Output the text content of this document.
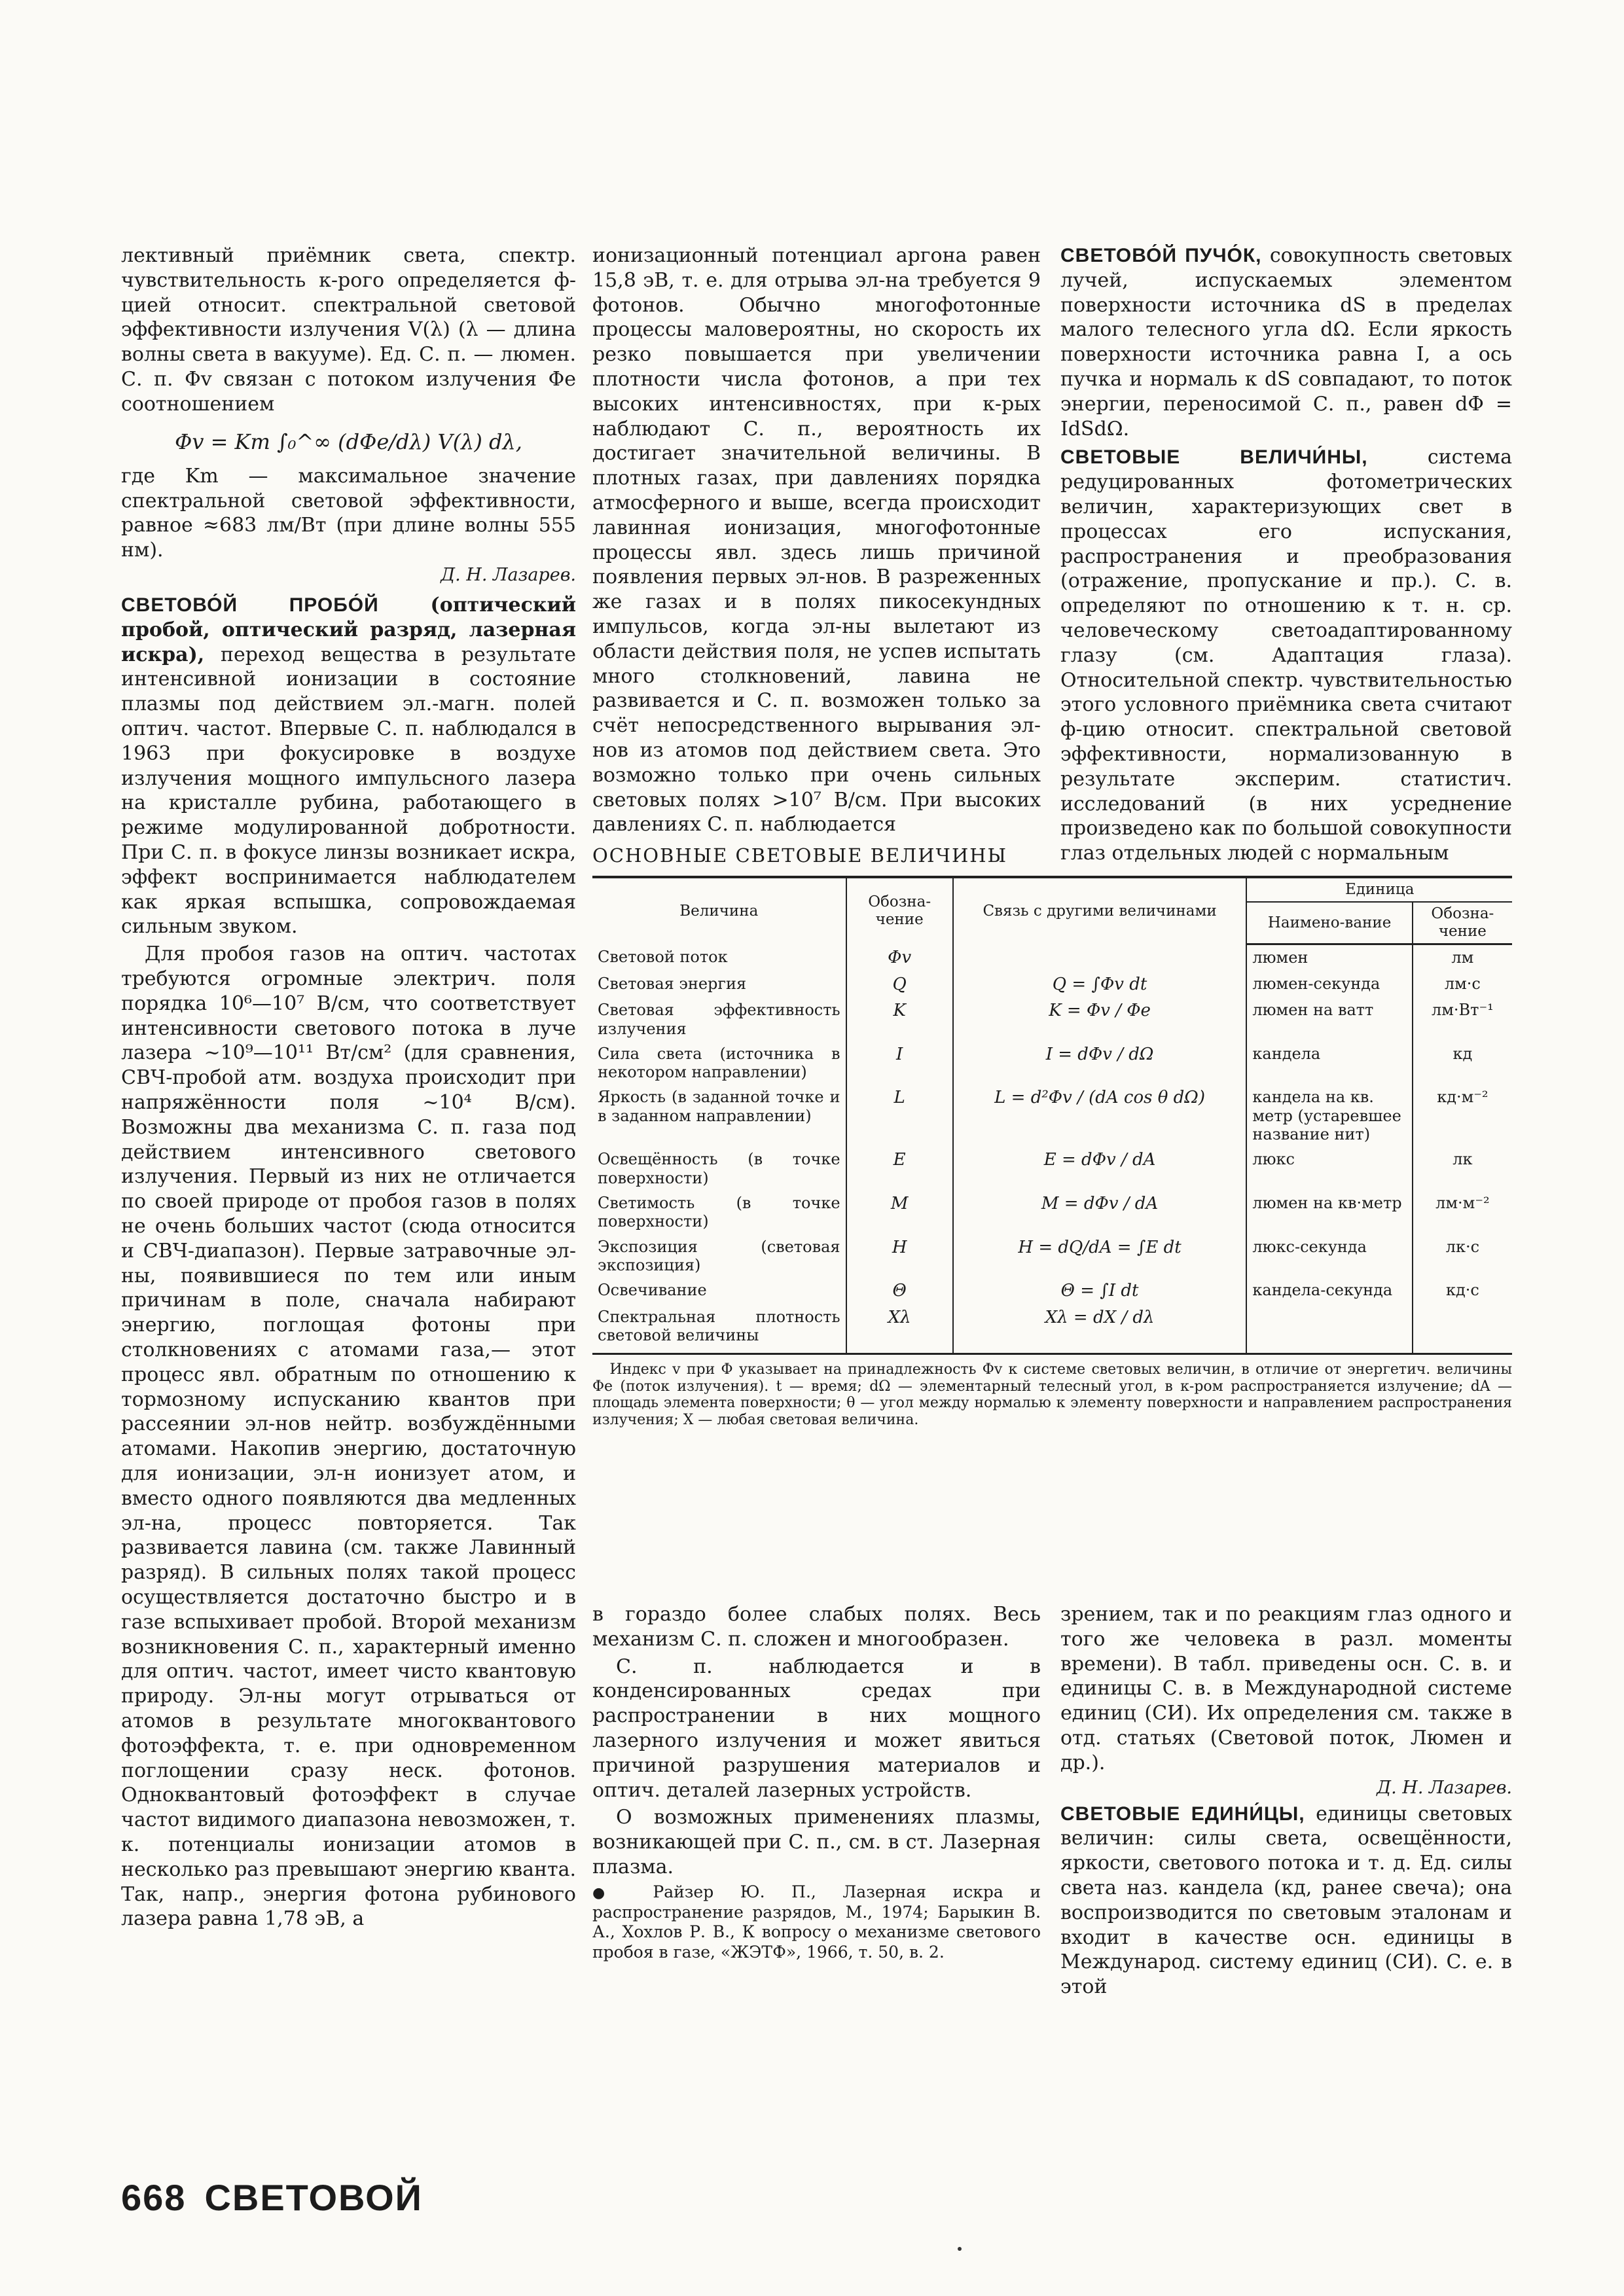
лективный приёмник света, спектр. чувствительность к-рого определяется ф-цией относит. спектральной световой эффективности излучения V(λ) (λ — длина волны света в вакууме). Ед. С. п. — люмен. С. п. Φv связан с потоком излучения Φe соотношением

Φv = Km ∫₀^∞ (dΦe/dλ) V(λ) dλ,

где Km — максимальное значение спектральной световой эффективности, равное ≈683 лм/Вт (при длине волны 555 нм).

Д. Н. Лазарев.

СВЕТОВО́Й ПРОБО́Й	(оптический пробой, оптический разряд, лазерная искра), переход вещества в результате интенсивной ионизации в состояние плазмы под действием эл.-магн. полей оптич. частот. Впервые С. п. наблюдался в 1963 при фокусировке в воздухе излучения мощного импульсного лазера на кристалле рубина, работающего в режиме модулированной добротности. При С. п. в фокусе линзы возникает искра, эффект воспринимается наблюдателем как яркая вспышка, сопровождаемая сильным звуком.

Для пробоя газов на оптич. частотах требуются огромные электрич. поля порядка 10⁶—10⁷ В/см, что соответствует интенсивности светового потока в луче лазера ~10⁹—10¹¹ Вт/см² (для сравнения, СВЧ-пробой атм. воздуха происходит при напряжённости поля ~10⁴ В/см). Возможны два механизма С. п. газа под действием интенсивного светового излучения. Первый из них не отличается по своей природе от пробоя газов в полях не очень больших частот (сюда относится и СВЧ-диапазон). Первые затравочные эл-ны, появившиеся по тем или иным причинам в поле, сначала набирают энергию, поглощая фотоны при столкновениях с атомами газа,— этот процесс явл. обратным по отношению к тормозному испусканию квантов при рассеянии эл-нов нейтр. возбуждёнными атомами. Накопив энергию, достаточную для ионизации, эл-н ионизует атом, и вместо одного появляются два медленных эл-на, процесс повторяется. Так развивается лавина (см. также Лавинный разряд). В сильных полях такой процесс осуществляется достаточно быстро и в газе вспыхивает пробой. Второй механизм возникновения С. п., характерный именно для оптич. частот, имеет чисто квантовую природу. Эл-ны могут отрываться от атомов в результате многоквантового фотоэффекта, т. е. при одновременном поглощении сразу неск. фотонов. Одноквантовый фотоэффект в случае частот видимого диапазона невозможен, т. к. потенциалы ионизации атомов в несколько раз превышают энергию кванта. Так, напр., энергия фотона рубинового лазера равна 1,78 эВ, а

ионизационный потенциал аргона равен 15,8 эВ, т. е. для отрыва эл-на требуется 9 фотонов. Обычно многофотонные процессы маловероятны, но скорость их резко повышается при увеличении плотности числа фотонов, а при тех высоких интенсивностях, при к-рых наблюдают С. п., вероятность их достигает значительной величины. В плотных газах, при давлениях порядка атмосферного и выше, всегда происходит лавинная ионизация, многофотонные процессы явл. здесь лишь причиной появления первых эл-нов. В разреженных же газах и в полях пикосекундных импульсов, когда эл-ны вылетают из области действия поля, не успев испытать много столкновений, лавина не развивается и С. п. возможен только за счёт непосредственного вырывания эл-нов из атомов под действием света. Это возможно только при очень сильных световых полях >10⁷ В/см. При высоких давлениях С. п. наблюдается

СВЕТОВО́Й ПУЧО́К, совокупность световых лучей, испускаемых элементом поверхности источника dS в пределах малого телесного угла dΩ. Если яркость поверхности источника равна I, а ось пучка и нормаль к dS совпадают, то поток энергии, переносимой С. п., равен dΦ = IdSdΩ.

СВЕТОВЫЕ ВЕЛИЧИ́НЫ,	система редуцированных фотометрических величин, характеризующих свет в процессах его испускания, распространения и преобразования (отражение, пропускание и пр.). С. в. определяют по отношению к т. н. ср. человеческому светоадаптированному глазу (см. Адаптация глаза). Относительной спектр. чувствительностью этого условного приёмника света считают ф-цию относит. спектральной световой эффективности, нормализованную в результате эксперим. статистич. исследований (в них усреднение произведено как по большой совокупности глаз отдельных людей с нормальным

ОСНОВНЫЕ СВЕТОВЫЕ ВЕЛИЧИНЫ
Величина	Обозна-чение	Связь с другими величинами	Единица	
			Наимено-вание	Обозна-чение
Световой поток	Φv		люмен	лм
Световая энергия	Q	Q = ∫Φv dt	люмен-секунда	лм·с
Световая эффективность излучения	K	K = Φv / Φe	люмен на ватт	лм·Вт⁻¹
Сила света (источника в некотором направлении)	I	I = dΦv / dΩ	кандела	кд
Яркость (в заданной точке и в заданном направлении)	L	L = d²Φv / (dA cos θ dΩ)	кандела на кв. метр (устаревшее название нит)	кд·м⁻²
Освещённость (в точке поверхности)	E	E = dΦv / dA	люкс	лк
Светимость (в точке поверхности)	M	M = dΦv / dA	люмен на кв·метр	лм·м⁻²
Экспозиция (световая экспозиция)	H	H = dQ/dA = ∫E dt	люкс-секунда	лк·с
Освечивание	Θ	Θ = ∫I dt	кандела-секунда	кд·с
Спектральная плотность световой величины	Xλ	Xλ = dX / dλ		
Индекс v при Φ указывает на принадлежность Φv к системе световых величин, в отличие от энергетич. величины Φe (поток излучения). t — время; dΩ — элементарный телесный угол, в к-ром распространяется излучение; dA — площадь элемента поверхности; θ — угол между нормалью к элементу поверхности и направлением распространения излучения; X — любая световая величина.

в гораздо более слабых полях. Весь механизм С. п. сложен и многообразен.

С. п. наблюдается и в конденсированных средах при распространении в них мощного лазерного излучения и может явиться причиной разрушения материалов и оптич. деталей лазерных устройств.

О возможных применениях плазмы, возникающей при С. п., см. в ст. Лазерная плазма.

● Райзер Ю. П., Лазерная искра и распространение разрядов, М., 1974; Барыкин В. А., Хохлов Р. В., К вопросу о механизме светового пробоя в газе, «ЖЭТФ», 1966, т. 50, в. 2.

зрением, так и по реакциям глаз одного и того же человека в разл. моменты времени). В табл. приведены осн. С. в. и единицы С. в. в Международной системе единиц (СИ). Их определения см. также в отд. статьях (Световой поток, Люмен и др.).

Д. Н. Лазарев.

СВЕТОВЫЕ ЕДИНИ́ЦЫ, единицы световых величин: силы света, освещённости, яркости, светового потока и т. д. Ед. силы света наз. кандела (кд, ранее свеча); она воспроизводится по световым эталонам и входит в качестве осн. единицы в Международ. систему единиц (СИ). С. е. в этой

668 СВЕТОВОЙ
